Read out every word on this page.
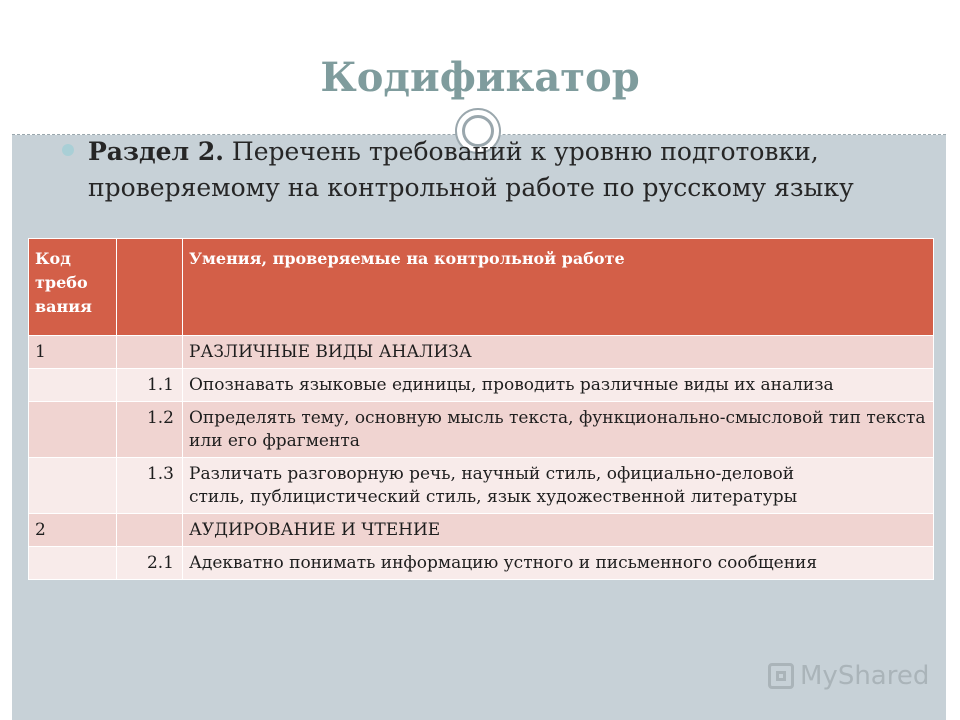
Кодификатор
Раздел 2. Перечень требований к уровню подготовки, проверяемому на контрольной работе по русскому языку
Код требо вания		Умения, проверяемые на контрольной работе
1		РАЗЛИЧНЫЕ ВИДЫ АНАЛИЗА
	1.1	Опознавать языковые единицы, проводить различные виды их анализа
	1.2	Определять тему, основную мысль текста, функционально-смысловой тип текста или его фрагмента
	1.3	Различать разговорную речь, научный стиль, официально-деловой
стиль, публицистический стиль, язык художественной литературы
2		АУДИРОВАНИЕ И ЧТЕНИЕ
	2.1	Адекватно понимать информацию устного и письменного сообщения
MyShared
